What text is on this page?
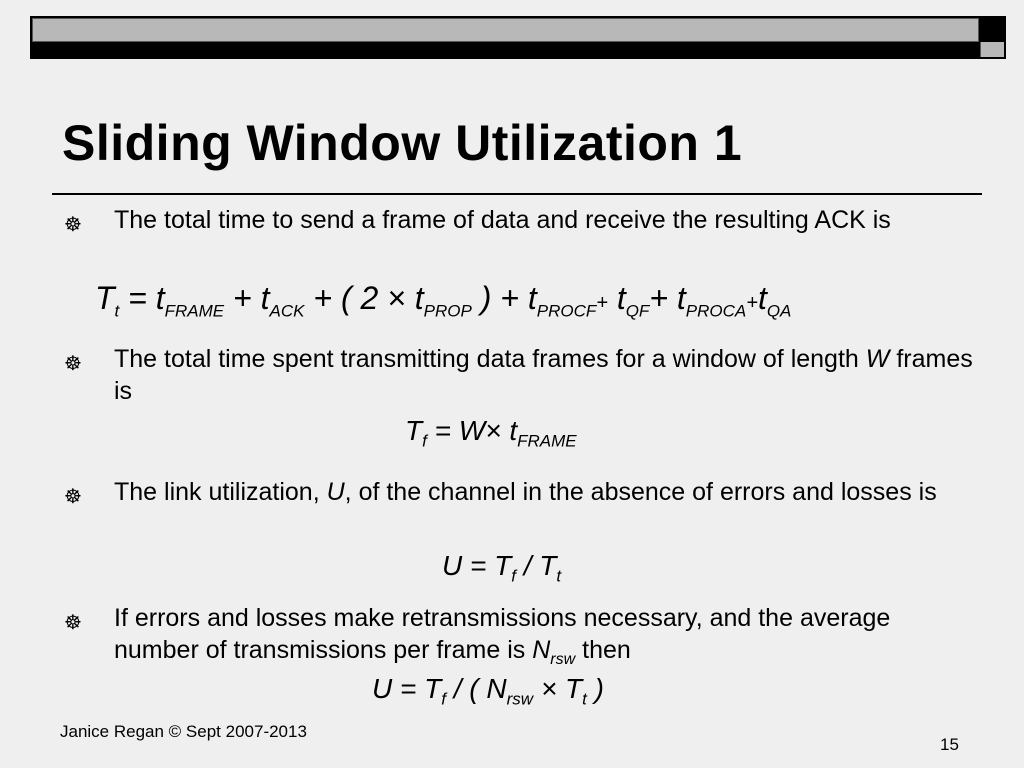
Sliding Window Utilization 1
☸ The total time to send a frame of data and receive the resulting ACK is
$T_t = t_{FRAME} + t_{ACK}$ + ( $2 \times t_{PROP}$ ) + $t_{PROCF}+ t_{QF}+ t_{PROCA}+t_{QA}$
☸ The total time spent transmitting data frames for a window of length W frames is
$T_f = W\times t_{FRAME}$
☸ The link utilization, U, of the channel in the absence of errors and losses is
$U = T_f / T_t$
☸ If errors and losses make retransmissions necessary, and the average number of transmissions per frame is $N_{rsw}$ then
$U = T_f$ / ( $N_{rsw} \times T_t$ )
Janice Regan © Sept 2007-2013
15
